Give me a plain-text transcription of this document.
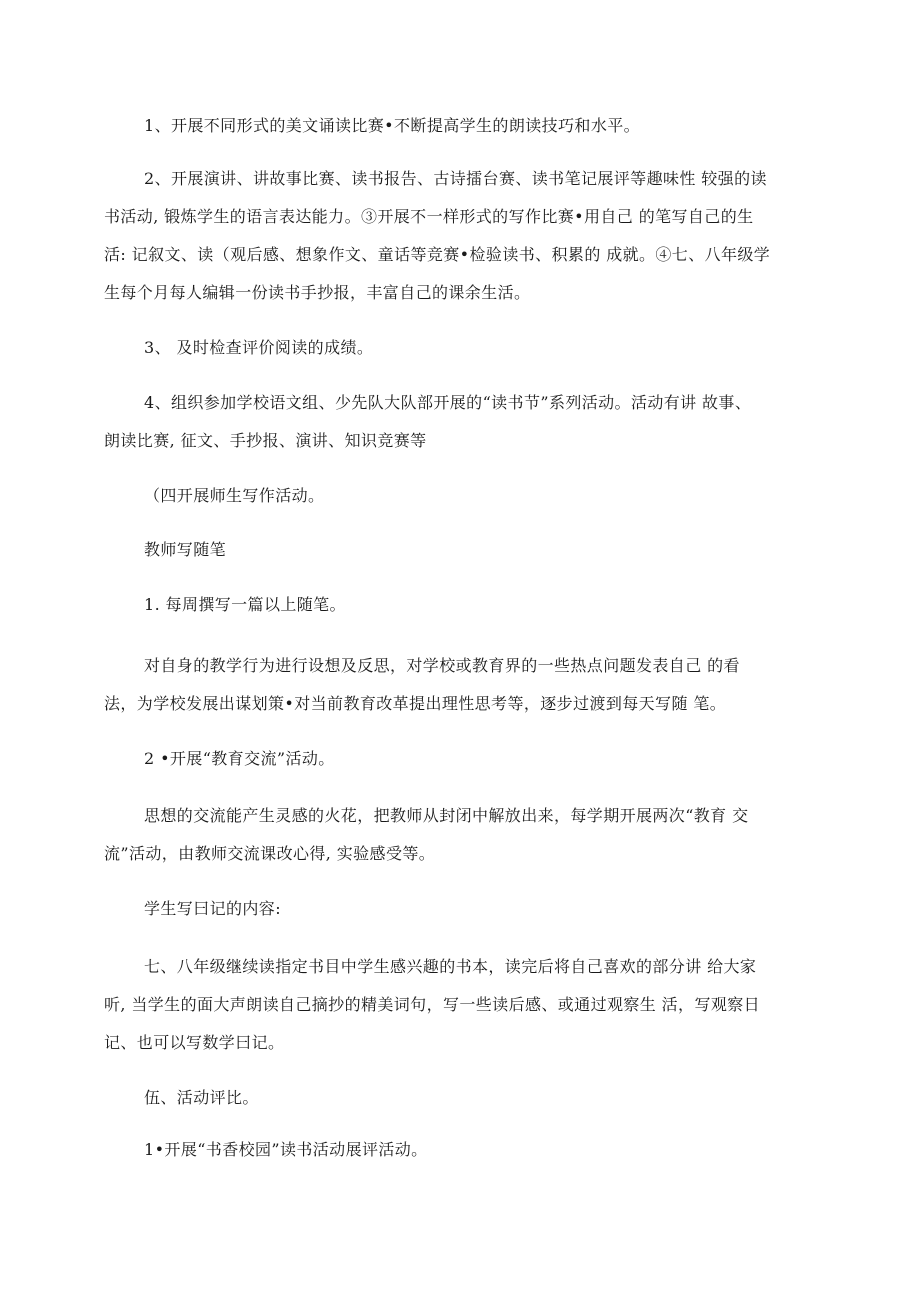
1、开展不同形式的美文诵读比赛•不断提高学生的朗读技巧和水平。

2、开展演讲、讲故事比赛、读书报告、古诗擂台赛、读书笔记展评等趣味性 较强的读
书活动, 锻炼学生的语言表达能力。③开展不一样形式的写作比赛•用自己 的笔写自己的生
活: 记叙文、读（观后感、想象作文、童话等竞赛•检验读书、积累的 成就。④七、八年级学
生每个月每人编辑一份读书手抄报，丰富自己的课余生活。

3、 及时检查评价阅读的成绩。

4、组织参加学校语文组、少先队大队部开展的“读书节”系列活动。活动有讲 故事、
朗读比赛, 征文、手抄报、演讲、知识竞赛等

（四开展师生写作活动。

教师写随笔

1. 每周撰写一篇以上随笔。

对自身的教学行为进行设想及反思，对学校或教育界的一些热点问题发表自己 的看
法，为学校发展出谋划策•对当前教育改革提出理性思考等，逐步过渡到每天写随 笔。

2 •开展“教育交流”活动。

思想的交流能产生灵感的火花，把教师从封闭中解放出来，每学期开展两次“教育 交
流”活动，由教师交流课改心得, 实验感受等。

学生写曰记的内容:

七、八年级继续读指定书目中学生感兴趣的书本，读完后将自己喜欢的部分讲 给大家
听, 当学生的面大声朗读自己摘抄的精美词句，写一些读后感、或通过观察生 活，写观察日
记、也可以写数学曰记。

伍、活动评比。

1•开展“书香校园”读书活动展评活动。
